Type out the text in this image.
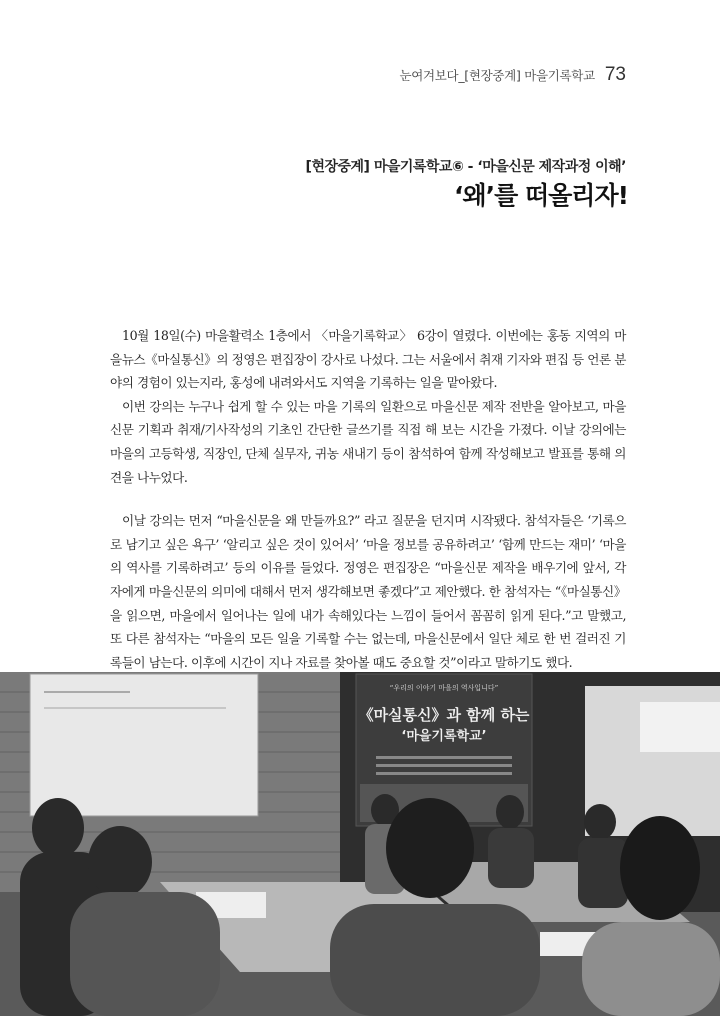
눈여겨보다_[현장중계] 마을기록학교 73
[현장중계] 마을기록학교⑥ - ‘마을신문 제작과정 이해’
‘왜’를 떠올리자!

10월 18일(수) 마을활력소 1층에서 〈마을기록학교〉 6강이 열렸다. 이번에는 홍동 지역의 마을뉴스《마실통신》의 정영은 편집장이 강사로 나섰다. 그는 서울에서 취재 기자와 편집 등 언론 분야의 경험이 있는지라, 홍성에 내려와서도 지역을 기록하는 일을 맡아왔다.

이번 강의는 누구나 쉽게 할 수 있는 마을 기록의 일환으로 마을신문 제작 전반을 알아보고, 마을신문 기획과 취재/기사작성의 기초인 간단한 글쓰기를 직접 해 보는 시간을 가졌다. 이날 강의에는 마을의 고등학생, 직장인, 단체 실무자, 귀농 새내기 등이 참석하여 함께 작성해보고 발표를 통해 의견을 나누었다.

이날 강의는 먼저 “마을신문을 왜 만들까요?” 라고 질문을 던지며 시작됐다. 참석자들은 ‘기록으로 남기고 싶은 욕구’ ‘알리고 싶은 것이 있어서’ ‘마을 정보를 공유하려고’ ‘함께 만드는 재미’ ‘마을의 역사를 기록하려고’ 등의 이유를 들었다. 정영은 편집장은 “마을신문 제작을 배우기에 앞서, 각자에게 마을신문의 의미에 대해서 먼저 생각해보면 좋겠다”고 제안했다. 한 참석자는 “《마실통신》을 읽으면, 마을에서 일어나는 일에 내가 속해있다는 느낌이 들어서 꼼꼼히 읽게 된다.”고 말했고, 또 다른 참석자는 “마을의 모든 일을 기록할 수는 없는데, 마을신문에서 일단 체로 한 번 걸러진 기록들이 남는다. 이후에 시간이 지나 자료를 찾아볼 때도 중요할 것”이라고 말하기도 했다.

“우리의 이야기 마을의 역사입니다”
《마실통신》과 함께 하는
‘마을기록학교’
